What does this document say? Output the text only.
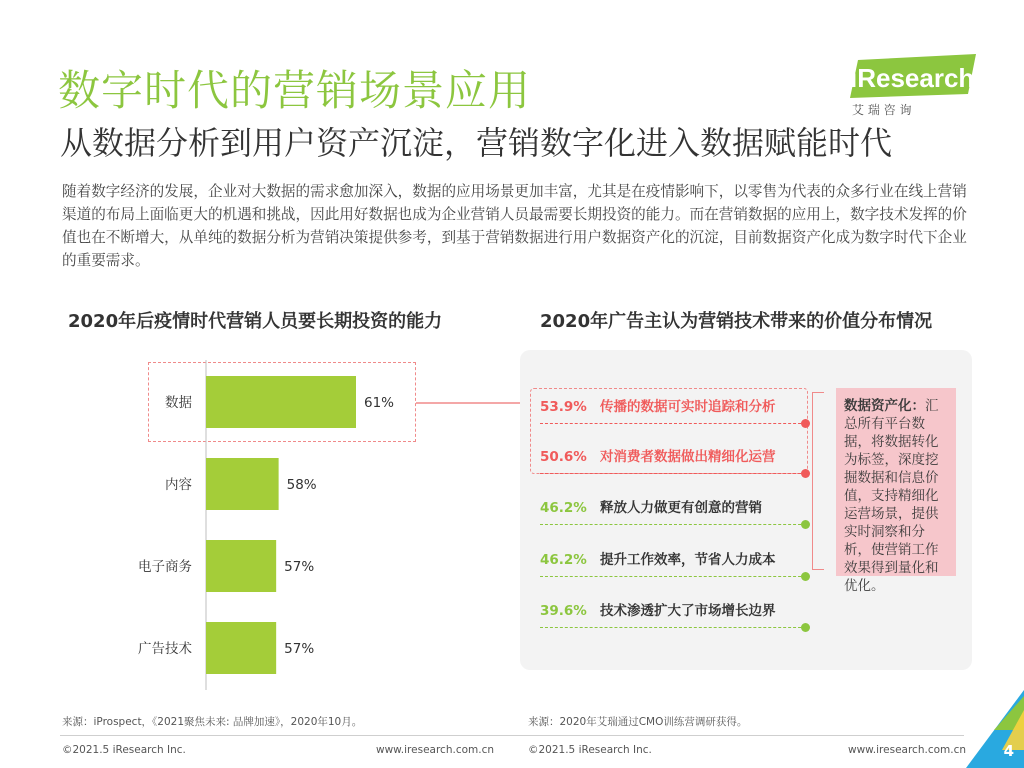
数字时代的营销场景应用
从数据分析到用户资产沉淀，营销数字化进入数据赋能时代
iResearch
艾 瑞 咨 询
随着数字经济的发展，企业对大数据的需求愈加深入，数据的应用场景更加丰富，尤其是在疫情影响下，以零售为代表的众多行业在线上营销渠道的布局上面临更大的机遇和挑战，因此用好数据也成为企业营销人员最需要长期投资的能力。而在营销数据的应用上，数字技术发挥的价值也在不断增大，从单纯的数据分析为营销决策提供参考，到基于营销数据进行用户数据资产化的沉淀，目前数据资产化成为数字时代下企业的重要需求。
2020年后疫情时代营销人员要长期投资的能力	2020年广告主认为营销技术带来的价值分布情况
数据	61%
内容	58%
电子商务	57%
广告技术	57%
53.9% 传播的数据可实时追踪和分析
50.6% 对消费者数据做出精细化运营
46.2% 释放人力做更有创意的营销
46.2% 提升工作效率，节省人力成本
39.6% 技术渗透扩大了市场增长边界
数据资产化：汇总所有平台数据，将数据转化为标签，深度挖掘数据和信息价值，支持精细化运营场景，提供实时洞察和分析，使营销工作效果得到量化和优化。
来源：iProspect，《2021聚焦未来: 品牌加速》，2020年10月。	来源：2020年艾瑞通过CMO训练营调研获得。
©2021.5 iResearch Inc.	www.iresearch.com.cn	©2021.5 iResearch Inc.	www.iresearch.com.cn	4
